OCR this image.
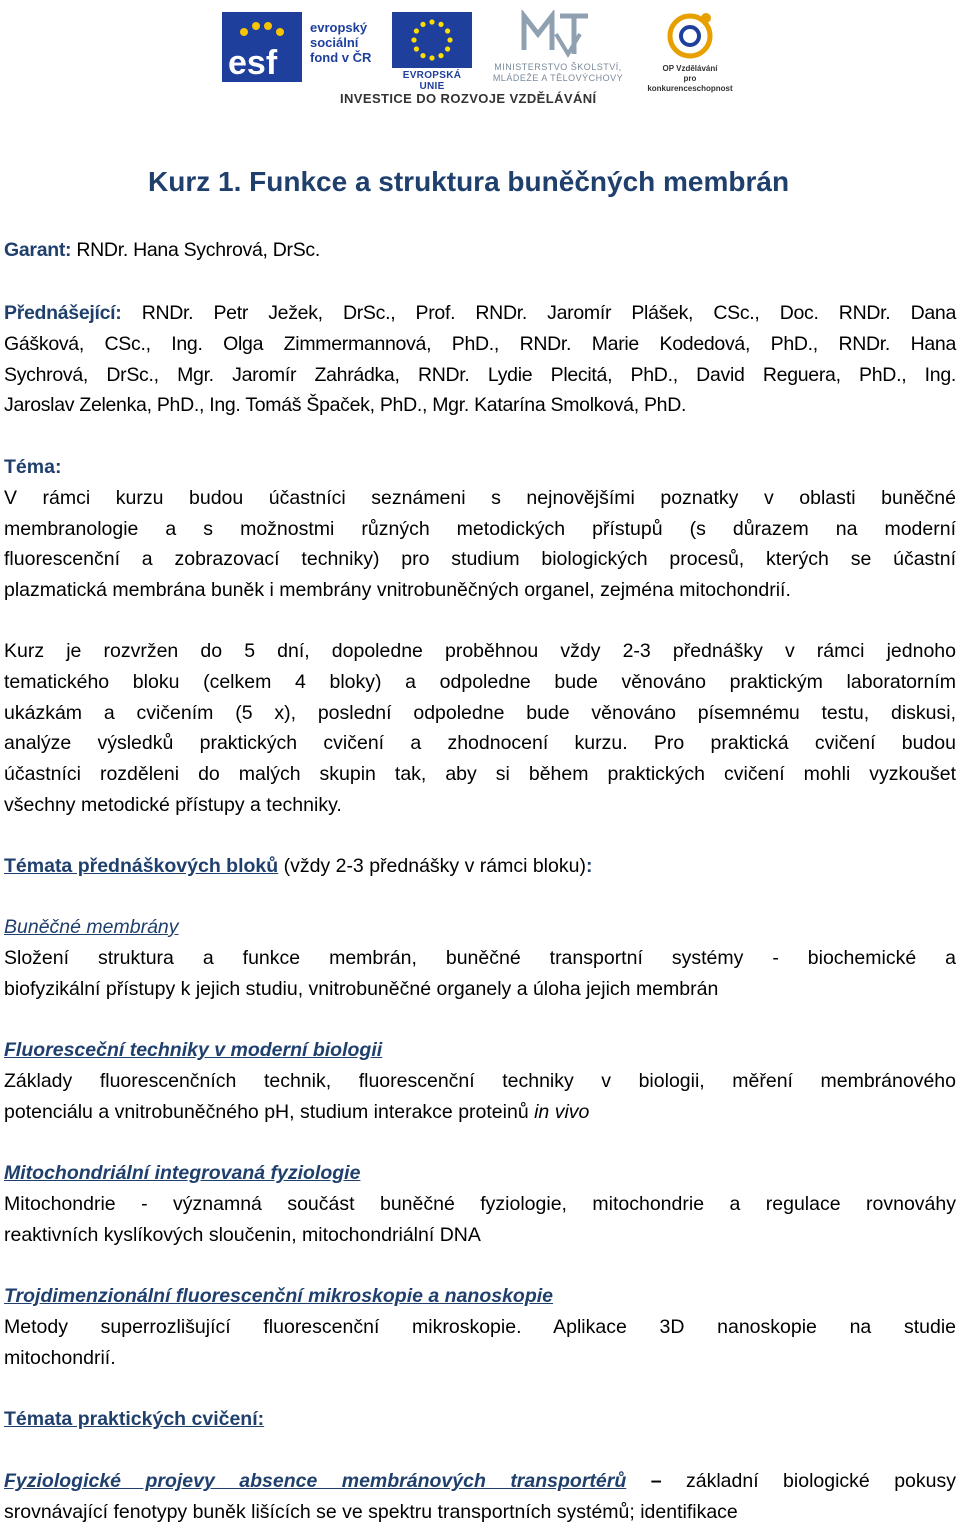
esf
evropský
sociální
fond v ČR
EVROPSKÁ UNIE
MINISTERSTVO ŠKOLSTVÍ,
MLÁDEŽE A TĚLOVÝCHOVY
OP Vzdělávání
pro konkurenceschopnost
INVESTICE DO ROZVOJE VZDĚLÁVÁNÍ
Kurz 1. Funkce a struktura buněčných membrán
Garant: RNDr. Hana Sychrová, DrSc.
Přednášející: RNDr. Petr Ježek, DrSc., Prof. RNDr. Jaromír Plášek, CSc., Doc. RNDr. Dana
Gášková, CSc., Ing. Olga Zimmermannová, PhD., RNDr. Marie Kodedová, PhD., RNDr. Hana
Sychrová, DrSc., Mgr. Jaromír Zahrádka, RNDr. Lydie Plecitá, PhD., David Reguera, PhD., Ing.
Jaroslav Zelenka, PhD., Ing. Tomáš Špaček, PhD., Mgr. Katarína Smolková, PhD.
Téma:
V rámci kurzu budou účastníci seznámeni s nejnovějšími poznatky v oblasti buněčné
membranologie a s možnostmi různých metodických přístupů (s důrazem na moderní
fluorescenční a zobrazovací techniky) pro studium biologických procesů, kterých se účastní
plazmatická membrána buněk i membrány vnitrobuněčných organel, zejména mitochondrií.
Kurz je rozvržen do 5 dní, dopoledne proběhnou vždy 2-3 přednášky v rámci jednoho
tematického bloku (celkem 4 bloky) a odpoledne bude věnováno praktickým laboratorním
ukázkám a cvičením (5 x), poslední odpoledne bude věnováno písemnému testu, diskusi,
analýze výsledků praktických cvičení a zhodnocení kurzu. Pro praktická cvičení budou
účastníci rozděleni do malých skupin tak, aby si během praktických cvičení mohli vyzkoušet
všechny metodické přístupy a techniky.
Témata přednáškových bloků (vždy 2-3 přednášky v rámci bloku):
Buněčné membrány
Složení struktura a funkce membrán, buněčné transportní systémy - biochemické a
biofyzikální přístupy k jejich studiu, vnitrobuněčné organely a úloha jejich membrán
Fluoresceční techniky v moderní biologii
Základy fluorescenčních technik, fluorescenční techniky v biologii, měření membránového
potenciálu a vnitrobuněčného pH, studium interakce proteinů in vivo
Mitochondriální integrovaná fyziologie
Mitochondrie - významná součást buněčné fyziologie, mitochondrie a regulace rovnováhy
reaktivních kyslíkových sloučenin, mitochondriální DNA
Trojdimenzionální fluorescenční mikroskopie a nanoskopie
Metody superrozlišující fluorescenční mikroskopie. Aplikace 3D nanoskopie na studie
mitochondrií.
Témata praktických cvičení:
Fyziologické projevy absence membránových transportérů – základní biologické pokusy
srovnávající fenotypy buněk lišících se ve spektru transportních systémů; identifikace
